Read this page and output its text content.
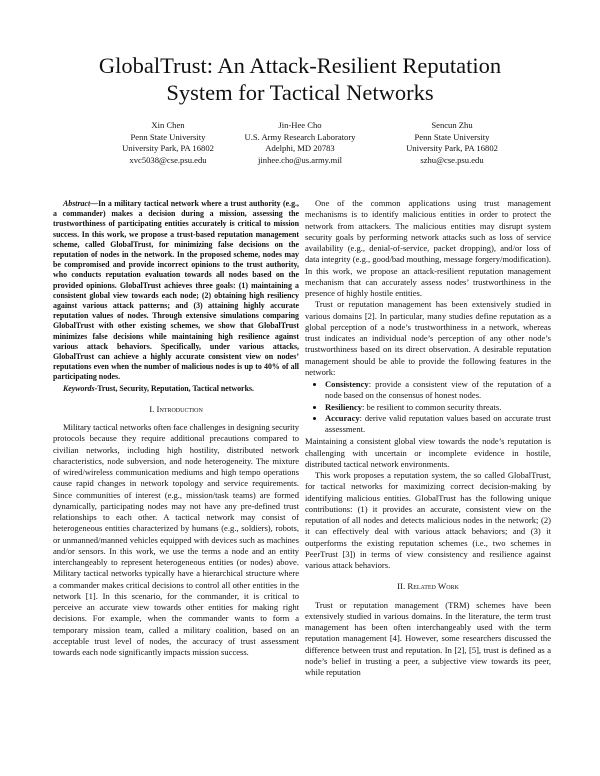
GlobalTrust: An Attack-Resilient Reputation
System for Tactical Networks
Xin Chen
Penn State University
University Park, PA 16802
xvc5038@cse.psu.edu
Jin-Hee Cho
U.S. Army Research Laboratory
Adelphi, MD 20783
jinhee.cho@us.army.mil
Sencun Zhu
Penn State University
University Park, PA 16802
szhu@cse.psu.edu
Abstract—In a military tactical network where a trust authority (e.g., a commander) makes a decision during a mission, assessing the trustworthiness of participating entities accurately is critical to mission success. In this work, we propose a trust-based reputation management scheme, called GlobalTrust, for minimizing false decisions on the reputation of nodes in the network. In the proposed scheme, nodes may be compromised and provide incorrect opinions to the trust authority, who conducts reputation evaluation towards all nodes based on the provided opinions. GlobalTrust achieves three goals: (1) maintaining a consistent global view towards each node; (2) obtaining high resiliency against various attack patterns; and (3) attaining highly accurate reputation values of nodes. Through extensive simulations comparing GlobalTrust with other existing schemes, we show that GlobalTrust minimizes false decisions while maintaining high resilience against various attack behaviors. Specifically, under various attacks, GlobalTrust can achieve a highly accurate consistent view on nodes’ reputations even when the number of malicious nodes is up to 40% of all participating nodes.
Keywords-Trust, Security, Reputation, Tactical networks.
I. Introduction

Military tactical networks often face challenges in designing security protocols because they require additional precautions compared to civilian networks, including high hostility, distributed network characteristics, node subversion, and node heterogeneity. The mixture of wired/wireless communication mediums and high tempo operations cause rapid changes in network topology and service requirements. Since communities of interest (e.g., mission/task teams) are formed dynamically, participating nodes may not have any pre-defined trust relationships to each other. A tactical network may consist of heterogeneous entities characterized by humans (e.g., soldiers), robots, or unmanned/manned vehicles equipped with devices such as machines and/or sensors. In this work, we use the terms a node and an entity interchangeably to represent heterogeneous entities (or nodes) above. Military tactical networks typically have a hierarchical structure where a commander makes critical decisions to control all other entities in the network [1]. In this scenario, for the commander, it is critical to perceive an accurate view towards other entities for making right decisions. For example, when the commander wants to form a temporary mission team, called a military coalition, based on an acceptable trust level of nodes, the accuracy of trust assessment towards each node significantly impacts mission success.

One of the common applications using trust management mechanisms is to identify malicious entities in order to protect the network from attackers. The malicious entities may disrupt system security goals by performing network attacks such as loss of service availability (e.g., denial-of-service, packet dropping), and/or loss of data integrity (e.g., good/bad mouthing, message forgery/modification). In this work, we propose an attack-resilient reputation management mechanism that can accurately assess nodes’ trustworthiness in the presence of highly hostile entities.

Trust or reputation management has been extensively studied in various domains [2]. In particular, many studies define reputation as a global perception of a node’s trustworthiness in a network, whereas trust indicates an individual node’s perception of any other node’s trustworthiness based on its direct observation. A desirable reputation management should be able to provide the following features in the network:

• Consistency: provide a consistent view of the reputation of a node based on the consensus of honest nodes.
• Resiliency: be resilient to common security threats.
• Accuracy: derive valid reputation values based on accurate trust assessment.

Maintaining a consistent global view towards the node’s reputation is challenging with uncertain or incomplete evidence in hostile, distributed tactical network environments.

This work proposes a reputation system, the so called GlobalTrust, for tactical networks for maximizing correct decision-making by identifying malicious entities. GlobalTrust has the following unique contributions: (1) it provides an accurate, consistent view on the reputation of all nodes and detects malicious nodes in the network; (2) it can effectively deal with various attack behaviors; and (3) it outperforms the existing reputation schemes (i.e., two schemes in PeerTrust [3]) in terms of view consistency and resilience against various attack behaviors.

II. Related Work

Trust or reputation management (TRM) schemes have been extensively studied in various domains. In the literature, the term trust management has been often interchangeably used with the term reputation management [4]. However, some researchers discussed the difference between trust and reputation. In [2], [5], trust is defined as a node’s belief in trusting a peer, a subjective view towards its peer, while reputation
